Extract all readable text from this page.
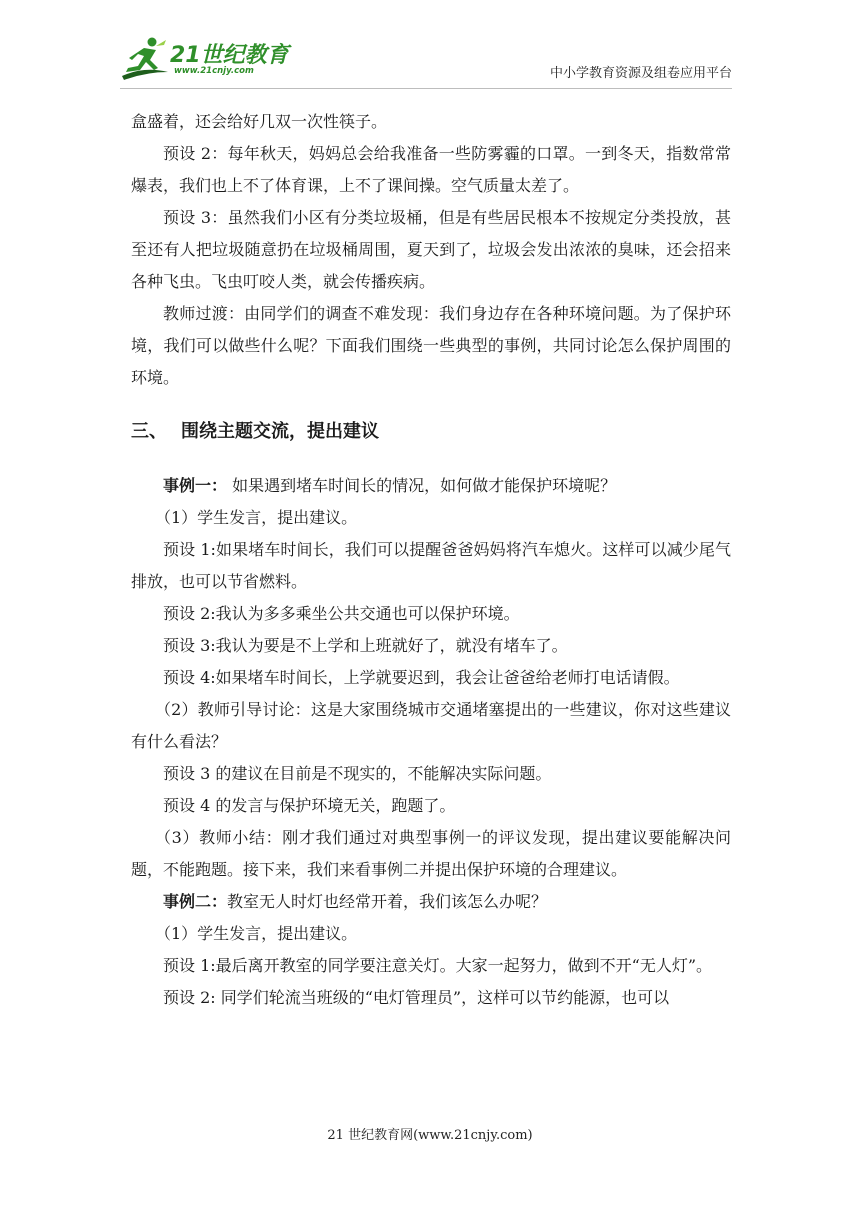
21世纪教育
www.21cnjy.com	中小学教育资源及组卷应用平台

盒盛着，还会给好几双一次性筷子。

预设 2：每年秋天，妈妈总会给我准备一些防雾霾的口罩。一到冬天，指数常常爆表，我们也上不了体育课，上不了课间操。空气质量太差了。

预设 3：虽然我们小区有分类垃圾桶，但是有些居民根本不按规定分类投放，甚至还有人把垃圾随意扔在垃圾桶周围，夏天到了，垃圾会发出浓浓的臭味，还会招来各种飞虫。飞虫叮咬人类，就会传播疾病。

教师过渡：由同学们的调查不难发现：我们身边存在各种环境问题。为了保护环境，我们可以做些什么呢？下面我们围绕一些典型的事例，共同讨论怎么保护周围的环境。

三、 围绕主题交流，提出建议

事例一： 如果遇到堵车时间长的情况，如何做才能保护环境呢？

（1）学生发言，提出建议。

预设 1:如果堵车时间长，我们可以提醒爸爸妈妈将汽车熄火。这样可以减少尾气排放，也可以节省燃料。

预设 2:我认为多多乘坐公共交通也可以保护环境。

预设 3:我认为要是不上学和上班就好了，就没有堵车了。

预设 4:如果堵车时间长，上学就要迟到，我会让爸爸给老师打电话请假。

（2）教师引导讨论：这是大家围绕城市交通堵塞提出的一些建议，你对这些建议有什么看法？

预设 3 的建议在目前是不现实的，不能解决实际问题。

预设 4 的发言与保护环境无关，跑题了。

（3）教师小结：刚才我们通过对典型事例一的评议发现，提出建议要能解决问题，不能跑题。接下来，我们来看事例二并提出保护环境的合理建议。

事例二：教室无人时灯也经常开着，我们该怎么办呢？

（1）学生发言，提出建议。

预设 1:最后离开教室的同学要注意关灯。大家一起努力，做到不开“无人灯”。

预设 2: 同学们轮流当班级的“电灯管理员”，这样可以节约能源，也可以

21 世纪教育网(www.21cnjy.com)
